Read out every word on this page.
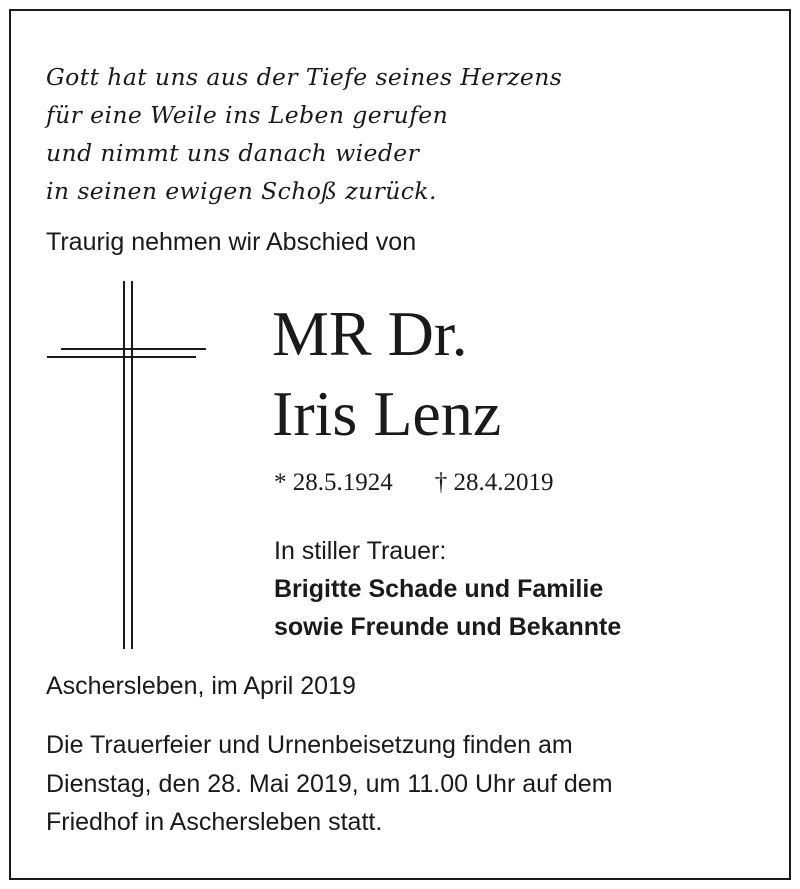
Gott hat uns aus der Tiefe seines Herzens
für eine Weile ins Leben gerufen
und nimmt uns danach wieder
in seinen ewigen Schoß zurück.
Traurig nehmen wir Abschied von
MR Dr.
Iris Lenz
* 28.5.1924 † 28.4.2019
In stiller Trauer:
Brigitte Schade und Familie
sowie Freunde und Bekannte
Aschersleben, im April 2019
Die Trauerfeier und Urnenbeisetzung finden am
Dienstag, den 28. Mai 2019, um 11.00 Uhr auf dem
Friedhof in Aschersleben statt.
